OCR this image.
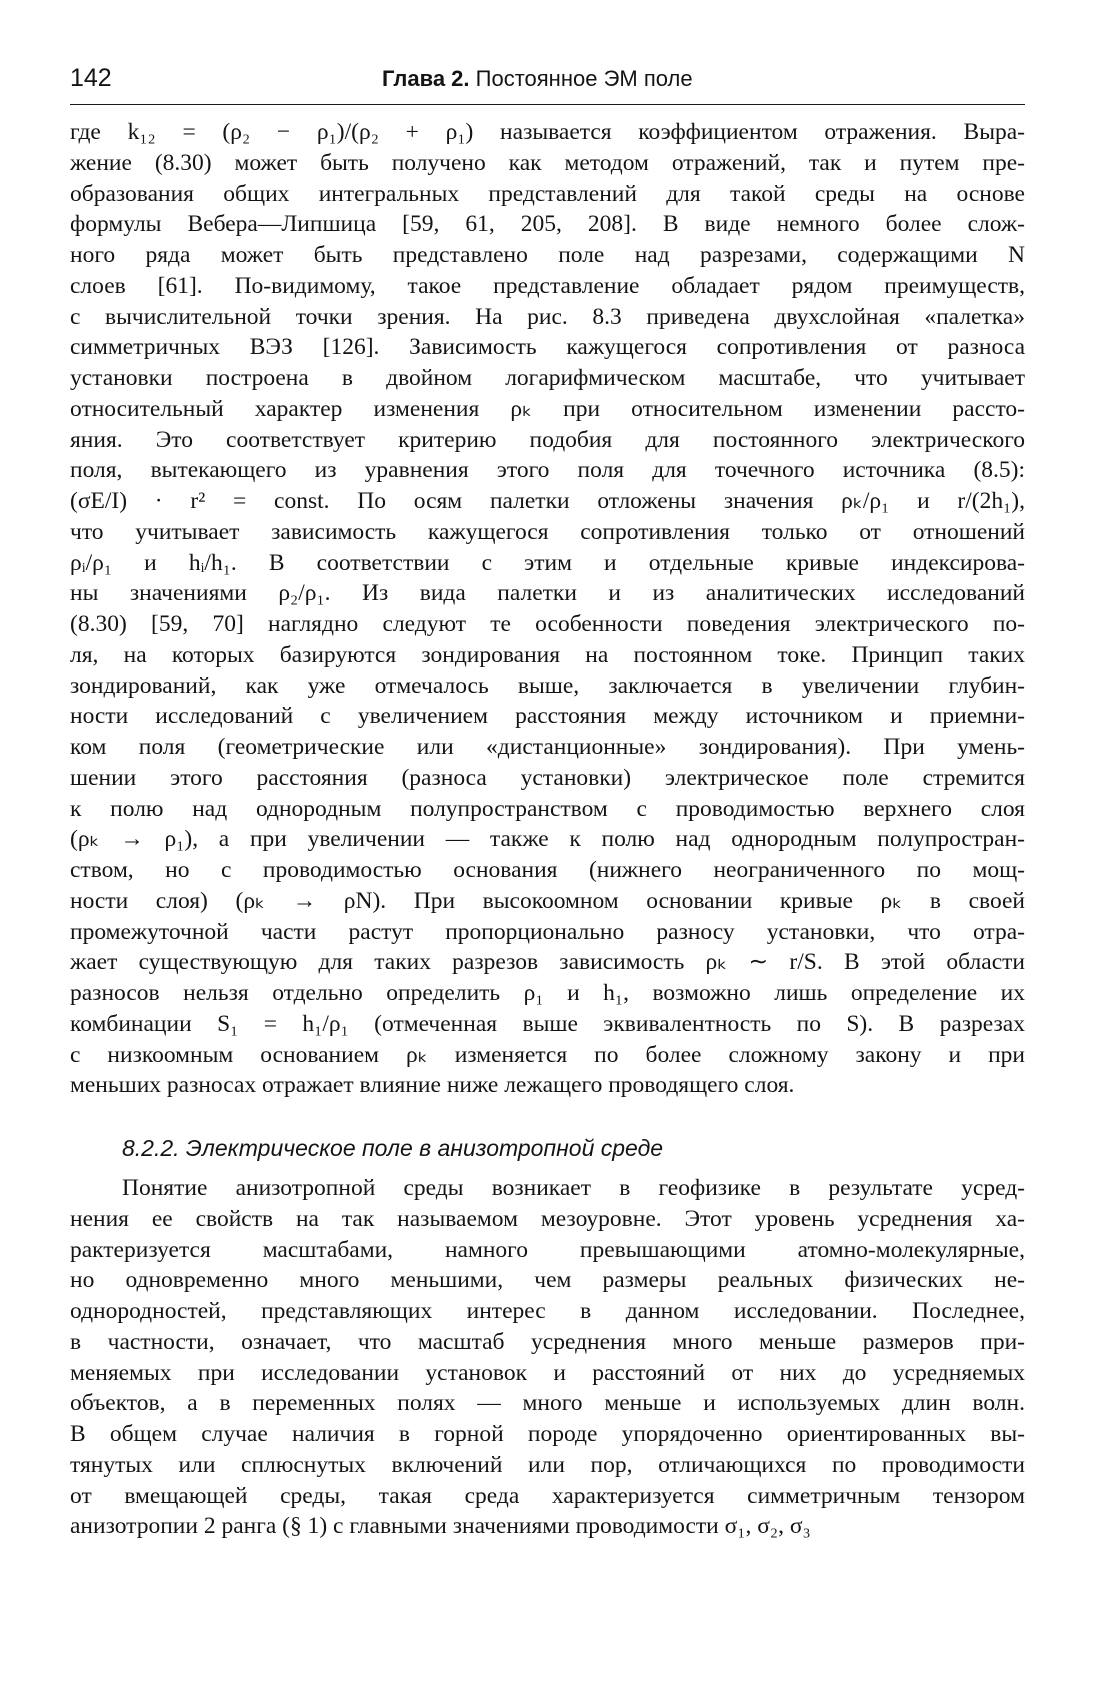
142	Глава 2. Постоянное ЭМ поле
где k₁₂ = (ρ₂ − ρ₁)/(ρ₂ + ρ₁) называется коэффициентом отражения. Выра-
жение (8.30) может быть получено как методом отражений, так и путем пре-
образования общих интегральных представлений для такой среды на основе
формулы Вебера—Липшица [59, 61, 205, 208]. В виде немного более слож-
ного ряда может быть представлено поле над разрезами, содержащими N
слоев [61]. По-видимому, такое представление обладает рядом преимуществ,
с вычислительной точки зрения. На рис. 8.3 приведена двухслойная «палетка»
симметричных ВЭЗ [126]. Зависимость кажущегося сопротивления от разноса
установки построена в двойном логарифмическом масштабе, что учитывает
относительный характер изменения ρₖ при относительном изменении рассто-
яния. Это соответствует критерию подобия для постоянного электрического
поля, вытекающего из уравнения этого поля для точечного источника (8.5):
(σE/I) · r² = const. По осям палетки отложены значения ρₖ/ρ₁ и r/(2h₁),
что учитывает зависимость кажущегося сопротивления только от отношений
ρᵢ/ρ₁ и hᵢ/h₁. В соответствии с этим и отдельные кривые индексирова-
ны значениями ρ₂/ρ₁. Из вида палетки и из аналитических исследований
(8.30) [59, 70] наглядно следуют те особенности поведения электрического по-
ля, на которых базируются зондирования на постоянном токе. Принцип таких
зондирований, как уже отмечалось выше, заключается в увеличении глубин-
ности исследований с увеличением расстояния между источником и приемни-
ком поля (геометрические или «дистанционные» зондирования). При умень-
шении этого расстояния (разноса установки) электрическое поле стремится
к полю над однородным полупространством с проводимостью верхнего слоя
(ρₖ → ρ₁), а при увеличении — также к полю над однородным полупростран-
ством, но с проводимостью основания (нижнего неограниченного по мощ-
ности слоя) (ρₖ → ρN). При высокоомном основании кривые ρₖ в своей
промежуточной части растут пропорционально разносу установки, что отра-
жает существующую для таких разрезов зависимость ρₖ ∼ r/S. В этой области
разносов нельзя отдельно определить ρ₁ и h₁, возможно лишь определение их
комбинации S₁ = h₁/ρ₁ (отмеченная выше эквивалентность по S). В разрезах
с низкоомным основанием ρₖ изменяется по более сложному закону и при
меньших разносах отражает влияние ниже лежащего проводящего слоя.
8.2.2. Электрическое поле в анизотропной среде
Понятие анизотропной среды возникает в геофизике в результате усред-
нения ее свойств на так называемом мезоуровне. Этот уровень усреднения ха-
рактеризуется масштабами, намного превышающими атомно-молекулярные,
но одновременно много меньшими, чем размеры реальных физических не-
однородностей, представляющих интерес в данном исследовании. Последнее,
в частности, означает, что масштаб усреднения много меньше размеров при-
меняемых при исследовании установок и расстояний от них до усредняемых
объектов, а в переменных полях — много меньше и используемых длин волн.
В общем случае наличия в горной породе упорядоченно ориентированных вы-
тянутых или сплюснутых включений или пор, отличающихся по проводимости
от вмещающей среды, такая среда характеризуется симметричным тензором
анизотропии 2 ранга (§ 1) с главными значениями проводимости σ₁, σ₂, σ₃
